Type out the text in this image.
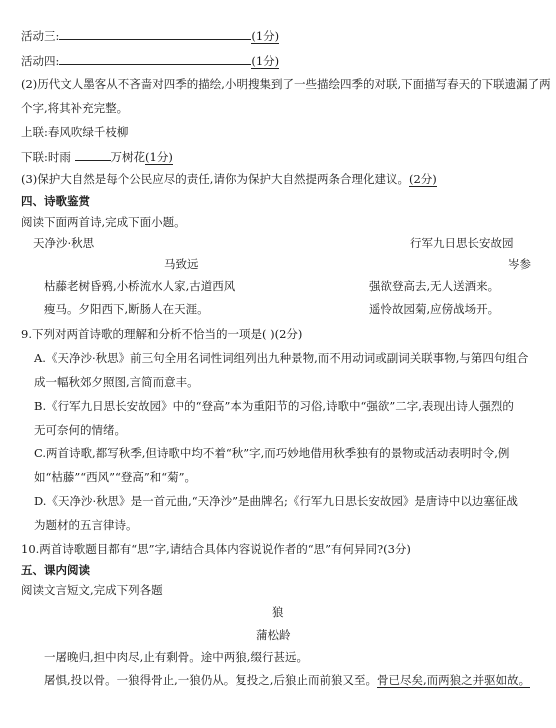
活动三:	(1分)
活动四:	(1分)
(2)历代文人墨客从不吝啬对四季的描绘,小明搜集到了一些描绘四季的对联,下面描写春天的下联遗漏了两
个字,将其补充完整。
上联:春风吹绿千枝柳
下联:时雨	万树花(1分)
(3)保护大自然是每个公民应尽的责任,请你为保护大自然提两条合理化建议。(2分)
四、诗歌鉴赏
阅读下面两首诗,完成下面小题。
天净沙·秋思	行军九日思长安故园
马致远	岑参
枯藤老树昏鸦,小桥流水人家,古道西风	强欲登高去,无人送酒来。
瘦马。夕阳西下,断肠人在天涯。	遥怜故园菊,应傍战场开。
9.下列对两首诗歌的理解和分析不恰当的一项是( )(2分)
A.《天净沙·秋思》前三句全用名词性词组列出九种景物,而不用动词或副词关联事物,与第四句组合
成一幅秋郊夕照图,言简而意丰。
B.《行军九日思长安故园》中的“登高”本为重阳节的习俗,诗歌中“强欲”二字,表现出诗人强烈的
无可奈何的情绪。
C.两首诗歌,都写秋季,但诗歌中均不着“秋”字,而巧妙地借用秋季独有的景物或活动表明时令,例
如“枯藤”“西风”“登高”和“菊”。
D.《天净沙·秋思》是一首元曲,“天净沙”是曲牌名;《行军九日思长安故园》是唐诗中以边塞征战
为题材的五言律诗。
10.两首诗歌题目都有“思”字,请结合具体内容说说作者的“思”有何异同?(3分)
五、课内阅读
阅读文言短文,完成下列各题
狼
蒲松龄
一屠晚归,担中肉尽,止有剩骨。途中两狼,缀行甚远。
屠惧,投以骨。一狼得骨止,一狼仍从。复投之,后狼止而前狼又至。骨已尽矣,而两狼之并驱如故。
